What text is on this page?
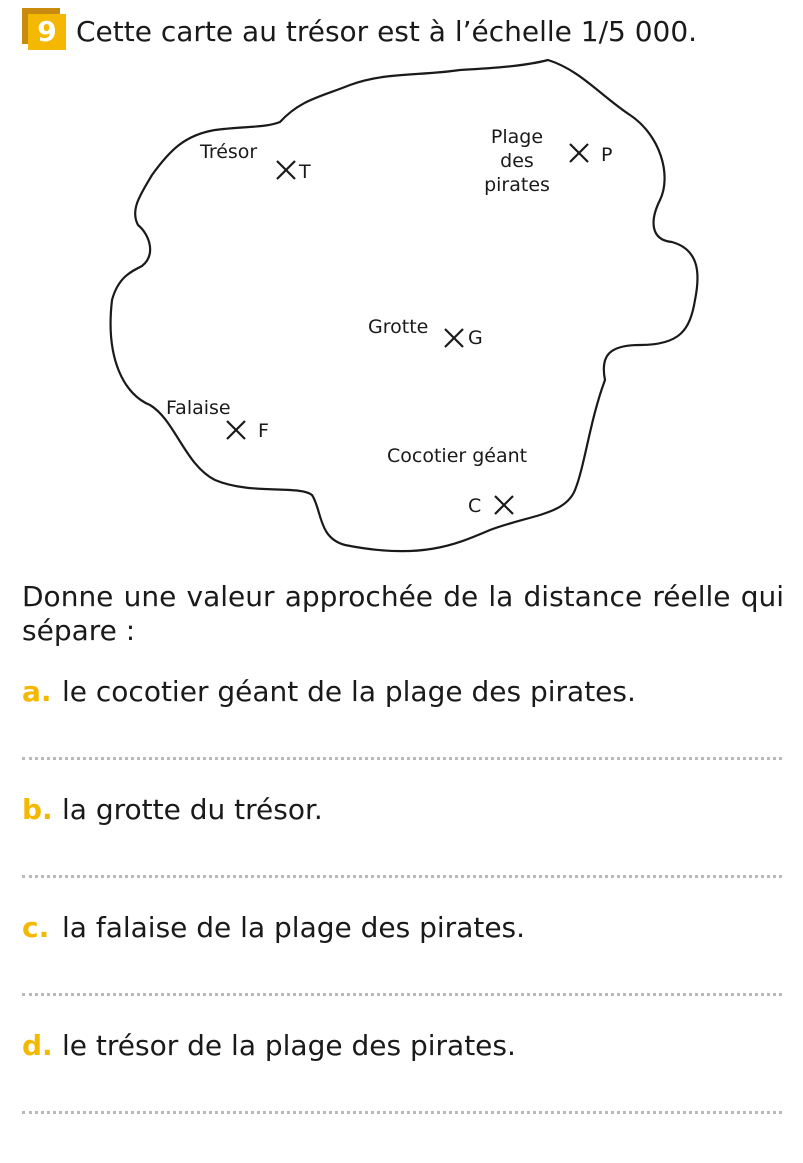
9 Cette carte au trésor est à l’échelle 1/5 000.
Trésor
T
Plage
des
pirates
P
Grotte G
Falaise
F
Cocotier géant
C
Donne une valeur approchée de la distance réelle qui sépare :
a. le cocotier géant de la plage des pirates.
b. la grotte du trésor.
c. la falaise de la plage des pirates.
d. le trésor de la plage des pirates.
